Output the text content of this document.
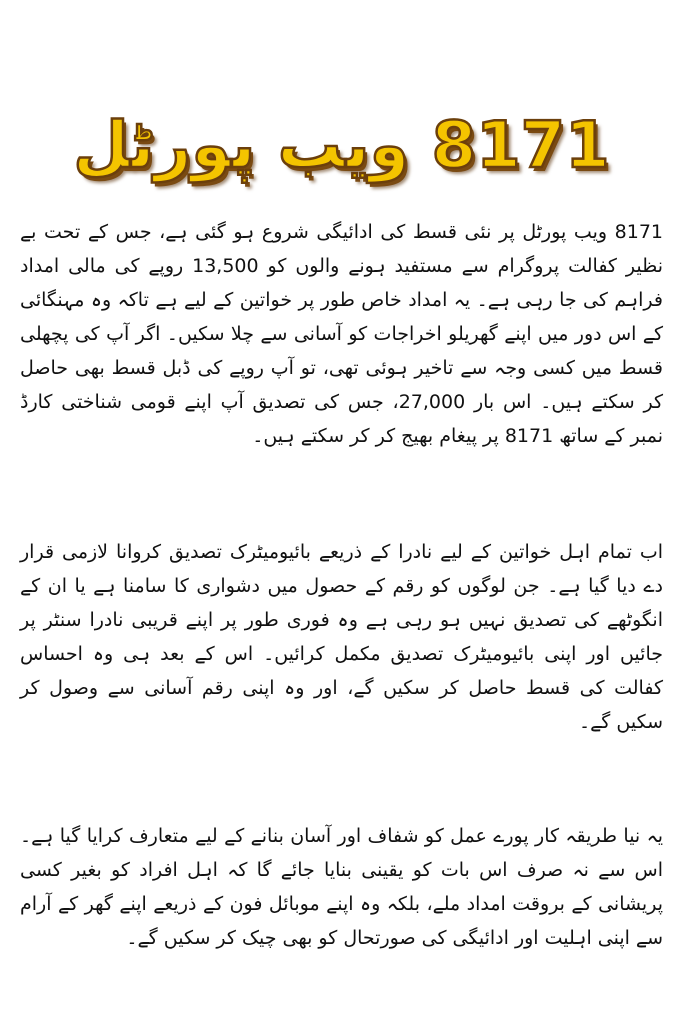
8171 ویب پورٹل

8171 ویب پورٹل پر نئی قسط کی ادائیگی شروع ہو گئی ہے، جس کے تحت بے نظیر کفالت پروگرام سے مستفید ہونے والوں کو 13,500 روپے کی مالی امداد فراہم کی جا رہی ہے۔ یہ امداد خاص طور پر خواتین کے لیے ہے تاکہ وہ مہنگائی کے اس دور میں اپنے گھریلو اخراجات کو آسانی سے چلا سکیں۔ اگر آپ کی پچھلی قسط میں کسی وجہ سے تاخیر ہوئی تھی، تو آپ روپے کی ڈبل قسط بھی حاصل کر سکتے ہیں۔ اس بار 27,000، جس کی تصدیق آپ اپنے قومی شناختی کارڈ نمبر کے ساتھ 8171 پر پیغام بھیج کر کر سکتے ہیں۔

اب تمام اہل خواتین کے لیے نادرا کے ذریعے بائیومیٹرک تصدیق کروانا لازمی قرار دے دیا گیا ہے۔ جن لوگوں کو رقم کے حصول میں دشواری کا سامنا ہے یا ان کے انگوٹھے کی تصدیق نہیں ہو رہی ہے وہ فوری طور پر اپنے قریبی نادرا سنٹر پر جائیں اور اپنی بائیومیٹرک تصدیق مکمل کرائیں۔ اس کے بعد ہی وہ احساس کفالت کی قسط حاصل کر سکیں گے، اور وہ اپنی رقم آسانی سے وصول کر سکیں گے۔

یہ نیا طریقہ کار پورے عمل کو شفاف اور آسان بنانے کے لیے متعارف کرایا گیا ہے۔ اس سے نہ صرف اس بات کو یقینی بنایا جائے گا کہ اہل افراد کو بغیر کسی پریشانی کے بروقت امداد ملے، بلکہ وہ اپنے موبائل فون کے ذریعے اپنے گھر کے آرام سے اپنی اہلیت اور ادائیگی کی صورتحال کو بھی چیک کر سکیں گے۔
